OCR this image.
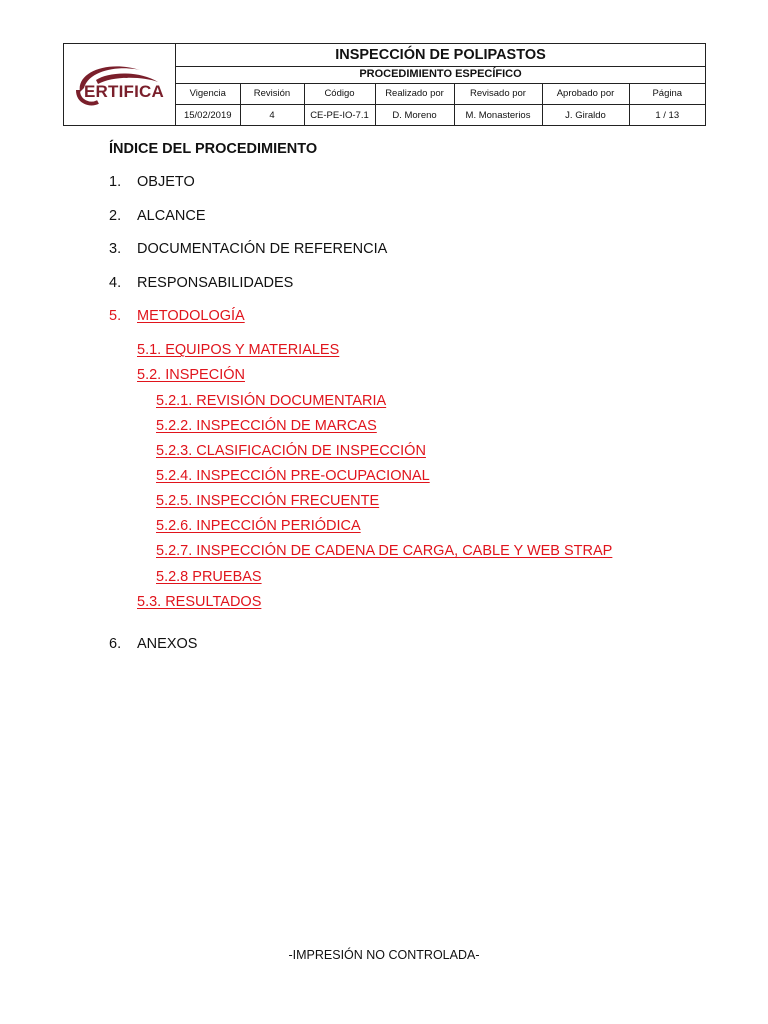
ERTIFICA
INSPECCIÓN DE POLIPASTOS
PROCEDIMIENTO ESPECÍFICO
Vigencia	Revisión	Código	Realizado por	Revisado por	Aprobado por	Página
15/02/2019	4	CE-PE-IO-7.1	D. Moreno	M. Monasterios	J. Giraldo	1 / 13
ÍNDICE DEL PROCEDIMIENTO
1. OBJETO
2. ALCANCE
3. DOCUMENTACIÓN DE REFERENCIA
4. RESPONSABILIDADES
5. METODOLOGÍA
5.1. EQUIPOS Y MATERIALES
5.2. INSPECIÓN
5.2.1. REVISIÓN DOCUMENTARIA
5.2.2. INSPECCIÓN DE MARCAS
5.2.3. CLASIFICACIÓN DE INSPECCIÓN
5.2.4. INSPECCIÓN PRE-OCUPACIONAL
5.2.5. INSPECCIÓN FRECUENTE
5.2.6. INPECCIÓN PERIÓDICA
5.2.7. INSPECCIÓN DE CADENA DE CARGA, CABLE Y WEB STRAP
5.2.8 PRUEBAS
5.3. RESULTADOS
6. ANEXOS
-IMPRESIÓN NO CONTROLADA-
